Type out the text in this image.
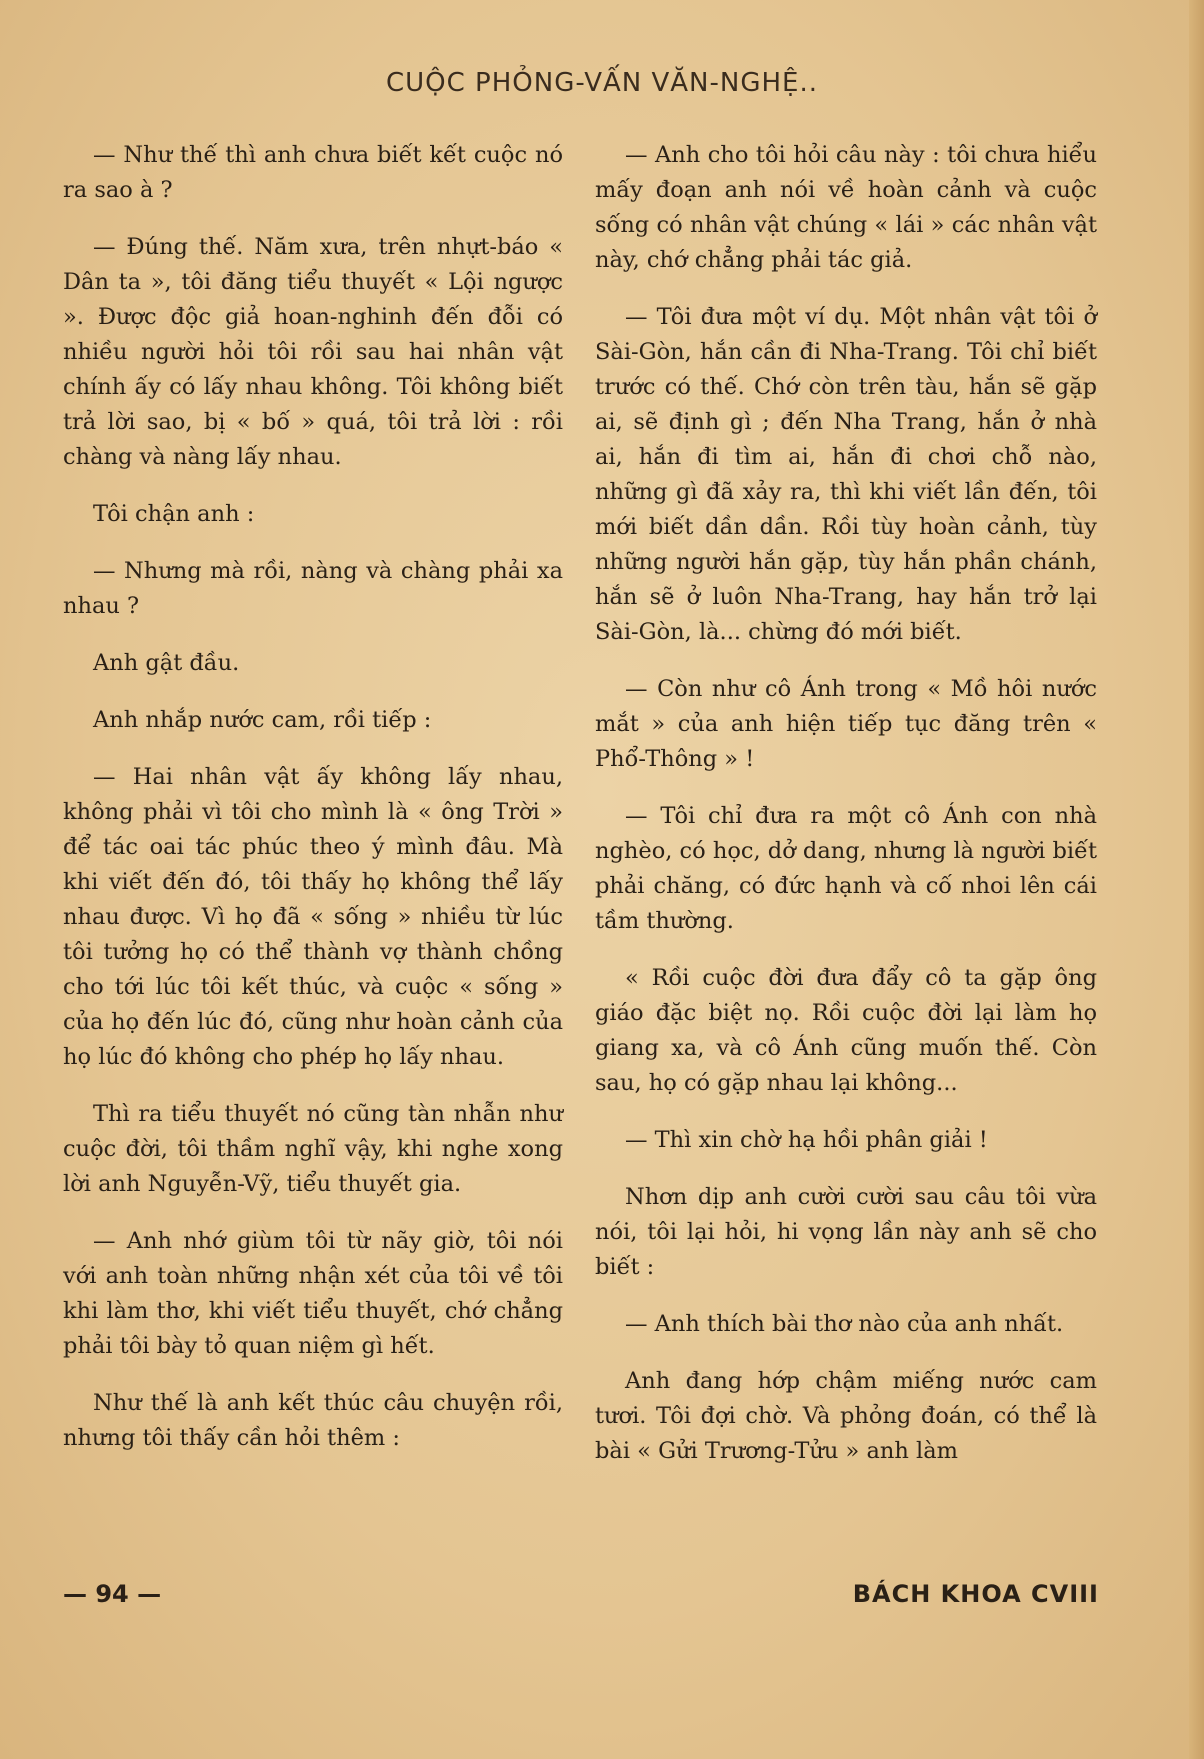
CUỘC PHỎNG-VẤN VĂN-NGHỆ..

— Như thế thì anh chưa biết kết cuộc nó ra sao à ?

— Đúng thế. Năm xưa, trên nhựt-báo « Dân ta », tôi đăng tiểu thuyết « Lội ngược ». Được độc giả hoan-nghinh đến đỗi có nhiều người hỏi tôi rồi sau hai nhân vật chính ấy có lấy nhau không. Tôi không biết trả lời sao, bị « bố » quá, tôi trả lời : rồi chàng và nàng lấy nhau.

Tôi chận anh :

— Nhưng mà rồi, nàng và chàng phải xa nhau ?

Anh gật đầu.

Anh nhắp nước cam, rồi tiếp :

— Hai nhân vật ấy không lấy nhau, không phải vì tôi cho mình là « ông Trời » để tác oai tác phúc theo ý mình đâu. Mà khi viết đến đó, tôi thấy họ không thể lấy nhau được. Vì họ đã « sống » nhiều từ lúc tôi tưởng họ có thể thành vợ thành chồng cho tới lúc tôi kết thúc, và cuộc « sống » của họ đến lúc đó, cũng như hoàn cảnh của họ lúc đó không cho phép họ lấy nhau.

Thì ra tiểu thuyết nó cũng tàn nhẫn như cuộc đời, tôi thầm nghĩ vậy, khi nghe xong lời anh Nguyễn-Vỹ, tiểu thuyết gia.

— Anh nhớ giùm tôi từ nãy giờ, tôi nói với anh toàn những nhận xét của tôi về tôi khi làm thơ, khi viết tiểu thuyết, chớ chẳng phải tôi bày tỏ quan niệm gì hết.

Như thế là anh kết thúc câu chuyện rồi, nhưng tôi thấy cần hỏi thêm :

— Anh cho tôi hỏi câu này : tôi chưa hiểu mấy đoạn anh nói về hoàn cảnh và cuộc sống có nhân vật chúng « lái » các nhân vật này, chớ chẳng phải tác giả.

— Tôi đưa một ví dụ. Một nhân vật tôi ở Sài-Gòn, hắn cần đi Nha-Trang. Tôi chỉ biết trước có thế. Chớ còn trên tàu, hắn sẽ gặp ai, sẽ định gì ; đến Nha Trang, hắn ở nhà ai, hắn đi tìm ai, hắn đi chơi chỗ nào, những gì đã xảy ra, thì khi viết lần đến, tôi mới biết dần dần. Rồi tùy hoàn cảnh, tùy những người hắn gặp, tùy hắn phần chánh, hắn sẽ ở luôn Nha-Trang, hay hắn trở lại Sài-Gòn, là... chừng đó mới biết.

— Còn như cô Ánh trong « Mồ hôi nước mắt » của anh hiện tiếp tục đăng trên « Phổ-Thông » !

— Tôi chỉ đưa ra một cô Ánh con nhà nghèo, có học, dở dang, nhưng là người biết phải chăng, có đức hạnh và cố nhoi lên cái tầm thường.

« Rồi cuộc đời đưa đẩy cô ta gặp ông giáo đặc biệt nọ. Rồi cuộc đời lại làm họ giang xa, và cô Ánh cũng muốn thế. Còn sau, họ có gặp nhau lại không...

— Thì xin chờ hạ hồi phân giải !

Nhơn dịp anh cười cười sau câu tôi vừa nói, tôi lại hỏi, hi vọng lần này anh sẽ cho biết :

— Anh thích bài thơ nào của anh nhất.

Anh đang hớp chậm miếng nước cam tươi. Tôi đợi chờ. Và phỏng đoán, có thể là bài « Gửi Trương-Tửu » anh làm

— 94 —	BÁCH KHOA CVIII
